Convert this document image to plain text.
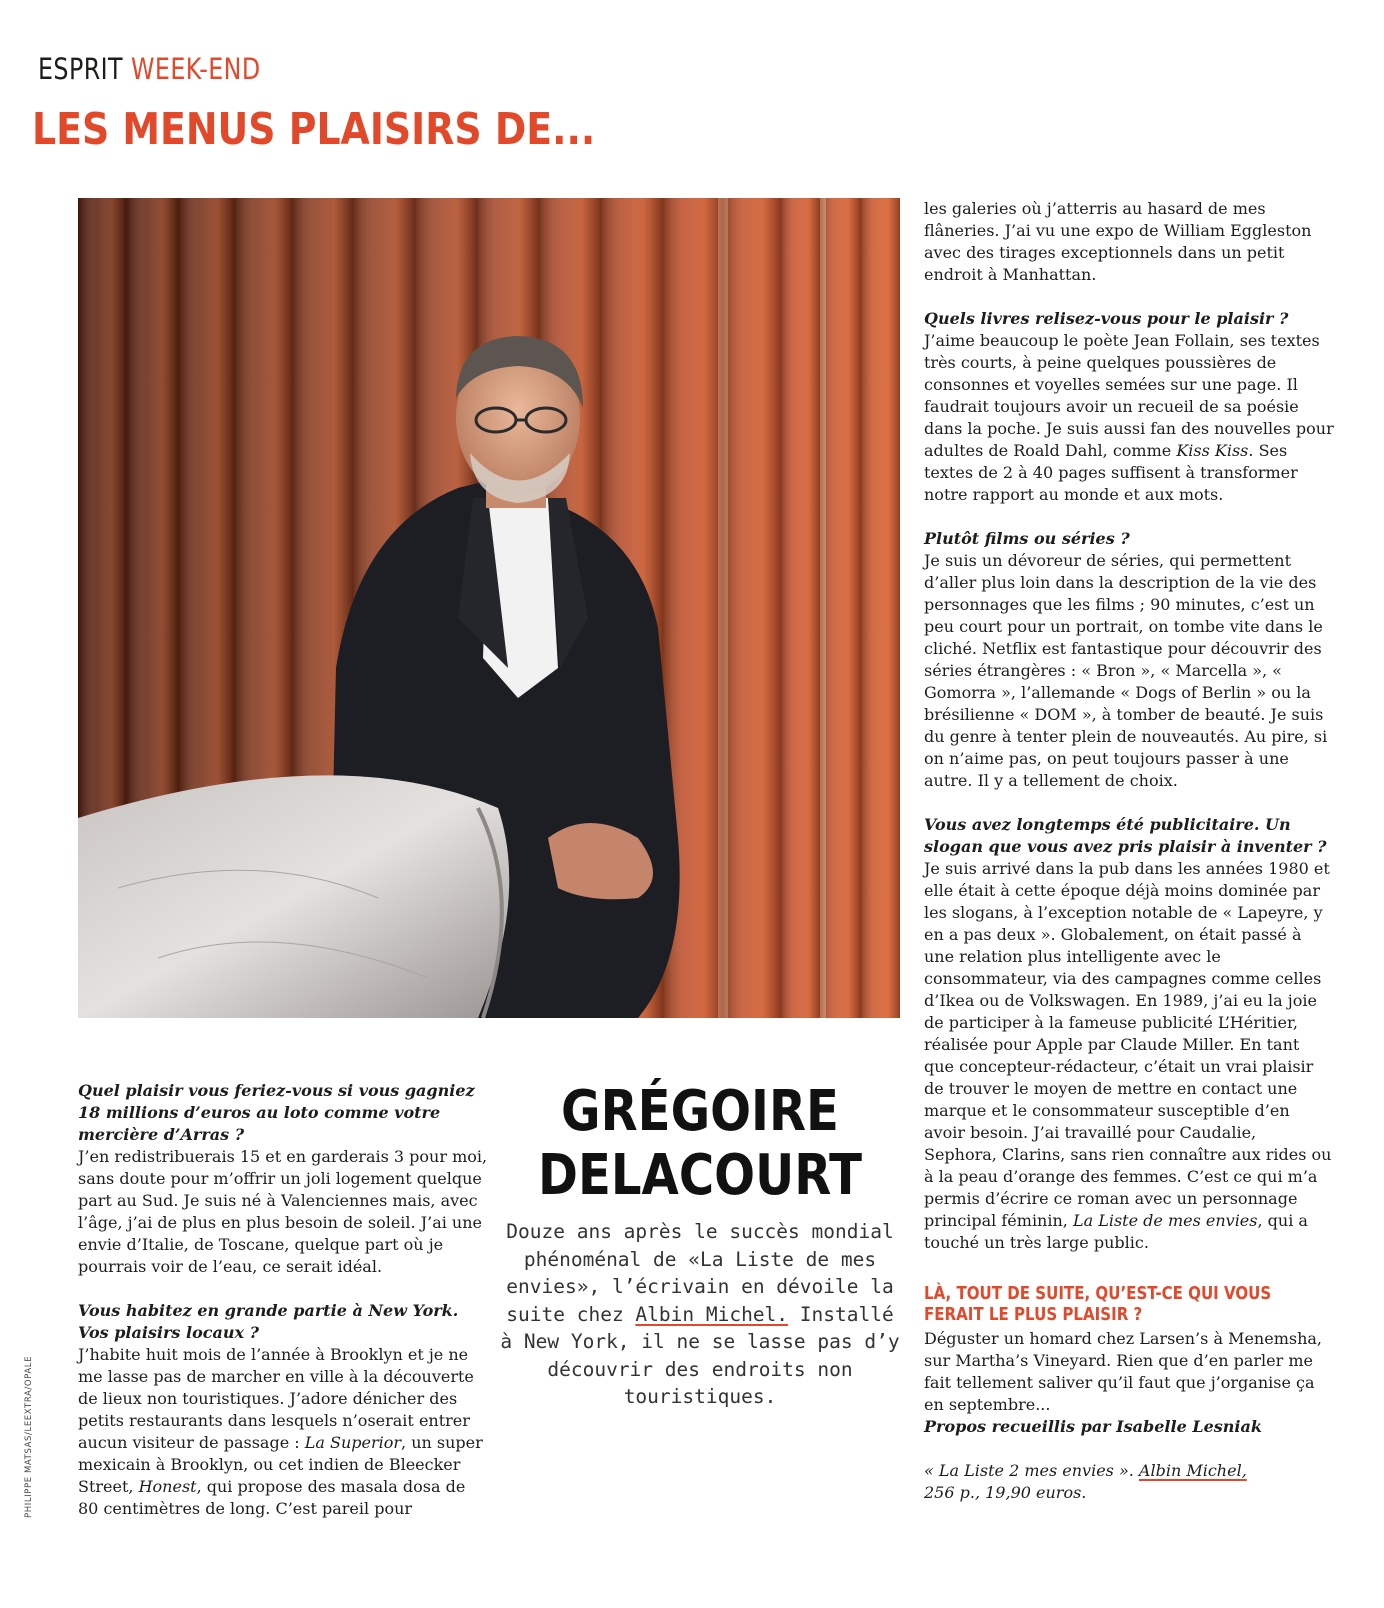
ESPRIT WEEK-END
LES MENUS PLAISIRS DE...
PHILIPPE MATSAS/LEEXTRA/OPALE

Quel plaisir vous feriez-vous si vous gagniez 18 millions d’euros au loto comme votre mercière d’Arras ?

J’en redistribuerais 15 et en garderais 3 pour moi, sans doute pour m’offrir un joli logement quelque part au Sud. Je suis né à Valenciennes mais, avec l’âge, j’ai de plus en plus besoin de soleil. J’ai une envie d’Italie, de Toscane, quelque part où je pourrais voir de l’eau, ce serait idéal.

Vous habitez en grande partie à New York. Vos plaisirs locaux ?

J’habite huit mois de l’année à Brooklyn et je ne me lasse pas de marcher en ville à la découverte de lieux non touristiques. J’adore dénicher des petits restaurants dans lesquels n’oserait entrer aucun visiteur de passage : La Superior, un super mexicain à Brooklyn, ou cet indien de Bleecker Street, Honest, qui propose des masala dosa de 80 centimètres de long. C’est pareil pour

GRÉGOIRE
DELACOURT
Douze ans après le succès mondial phénoménal de «La Liste de mes envies», l’écrivain en dévoile la suite chez Albin Michel. Installé à New York, il ne se lasse pas d’y découvrir des endroits non touristiques.

les galeries où j’atterris au hasard de mes flâneries. J’ai vu une expo de William Eggleston avec des tirages exceptionnels dans un petit endroit à Manhattan.

Quels livres relisez-vous pour le plaisir ?

J’aime beaucoup le poète Jean Follain, ses textes très courts, à peine quelques poussières de consonnes et voyelles semées sur une page. Il faudrait toujours avoir un recueil de sa poésie dans la poche. Je suis aussi fan des nouvelles pour adultes de Roald Dahl, comme Kiss Kiss. Ses textes de 2 à 40 pages suffisent à transformer notre rapport au monde et aux mots.

Plutôt films ou séries ?

Je suis un dévoreur de séries, qui permettent d’aller plus loin dans la description de la vie des personnages que les films ; 90 minutes, c’est un peu court pour un portrait, on tombe vite dans le cliché. Netflix est fantastique pour découvrir des séries étrangères : « Bron », « Marcella », « Gomorra », l’allemande « Dogs of Berlin » ou la brésilienne « DOM », à tomber de beauté. Je suis du genre à tenter plein de nouveautés. Au pire, si on n’aime pas, on peut toujours passer à une autre. Il y a tellement de choix.

Vous avez longtemps été publicitaire. Un slogan que vous avez pris plaisir à inventer ?

Je suis arrivé dans la pub dans les années 1980 et elle était à cette époque déjà moins dominée par les slogans, à l’exception notable de « Lapeyre, y en a pas deux ». Globalement, on était passé à une relation plus intelligente avec le consommateur, via des campagnes comme celles d’Ikea ou de Volkswagen. En 1989, j’ai eu la joie de participer à la fameuse publicité L’Héritier, réalisée pour Apple par Claude Miller. En tant que concepteur-rédacteur, c’était un vrai plaisir de trouver le moyen de mettre en contact une marque et le consommateur susceptible d’en avoir besoin. J’ai travaillé pour Caudalie, Sephora, Clarins, sans rien connaître aux rides ou à la peau d’orange des femmes. C’est ce qui m’a permis d’écrire ce roman avec un personnage principal féminin, La Liste de mes envies, qui a touché un très large public.

LÀ, TOUT DE SUITE, QU’EST-CE QUI VOUS FERAIT LE PLUS PLAISIR ?

Déguster un homard chez Larsen’s à Menemsha, sur Martha’s Vineyard. Rien que d’en parler me fait tellement saliver qu’il faut que j’organise ça en septembre...

Propos recueillis par Isabelle Lesniak

« La Liste 2 mes envies ». Albin Michel,

256 p., 19,90 euros.
